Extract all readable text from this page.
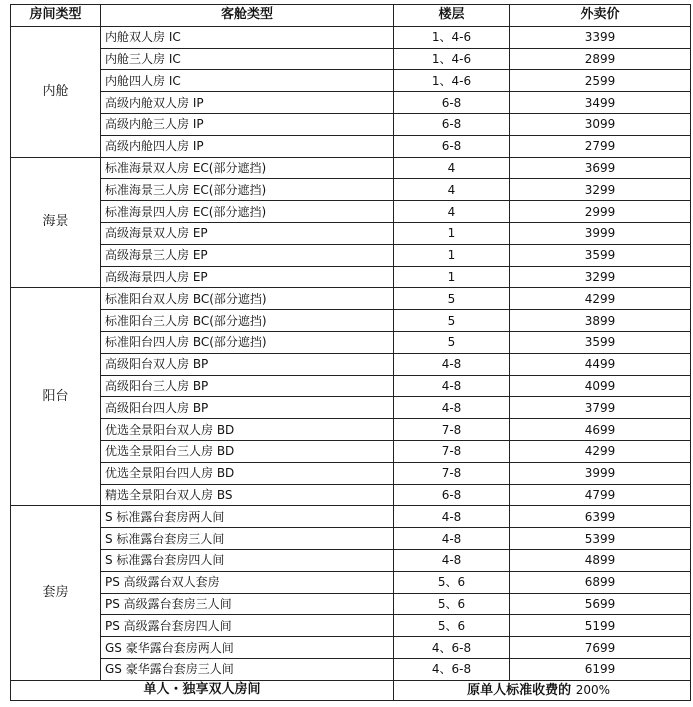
房间类型	客舱类型	楼层	外卖价
内舱	内舱双人房 IC	1、4-6	3399
	内舱三人房 IC	1、4-6	2899
	内舱四人房 IC	1、4-6	2599
	高级内舱双人房 IP	6-8	3499
	高级内舱三人房 IP	6-8	3099
	高级内舱四人房 IP	6-8	2799
海景	标准海景双人房 EC(部分遮挡)	4	3699
	标准海景三人房 EC(部分遮挡)	4	3299
	标准海景四人房 EC(部分遮挡)	4	2999
	高级海景双人房 EP	1	3999
	高级海景三人房 EP	1	3599
	高级海景四人房 EP	1	3299
阳台	标准阳台双人房 BC(部分遮挡)	5	4299
	标准阳台三人房 BC(部分遮挡)	5	3899
	标准阳台四人房 BC(部分遮挡)	5	3599
	高级阳台双人房 BP	4-8	4499
	高级阳台三人房 BP	4-8	4099
	高级阳台四人房 BP	4-8	3799
	优选全景阳台双人房 BD	7-8	4699
	优选全景阳台三人房 BD	7-8	4299
	优选全景阳台四人房 BD	7-8	3999
	精选全景阳台双人房 BS	6-8	4799
套房	S 标准露台套房两人间	4-8	6399
	S 标准露台套房三人间	4-8	5399
	S 标准露台套房四人间	4-8	4899
	PS 高级露台双人套房	5、6	6899
	PS 高级露台套房三人间	5、6	5699
	PS 高级露台套房四人间	5、6	5199
	GS 豪华露台套房两人间	4、6-8	7699
	GS 豪华露台套房三人间	4、6-8	6199
单人・独享双人房间		原单人标准收费的 200%	
